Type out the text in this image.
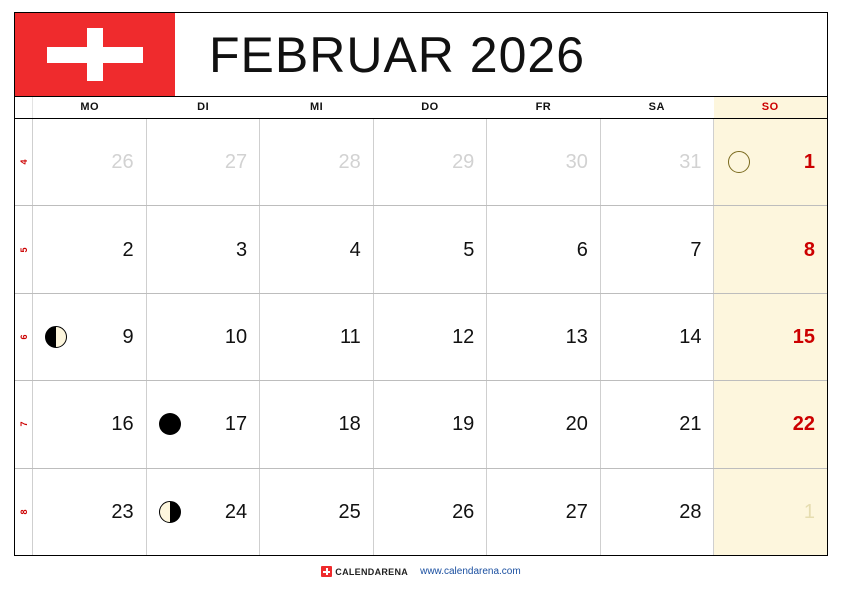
FEBRUAR 2026
MO	DI	MI	DO	FR	SA	SO
4	26	27	28	29	30	31	1
5	2	3	4	5	6	7	8
6	9	10	11	12	13	14	15
7	16	17	18	19	20	21	22
8	23	24	25	26	27	28	1
CALENDARENA www.calendarena.com
